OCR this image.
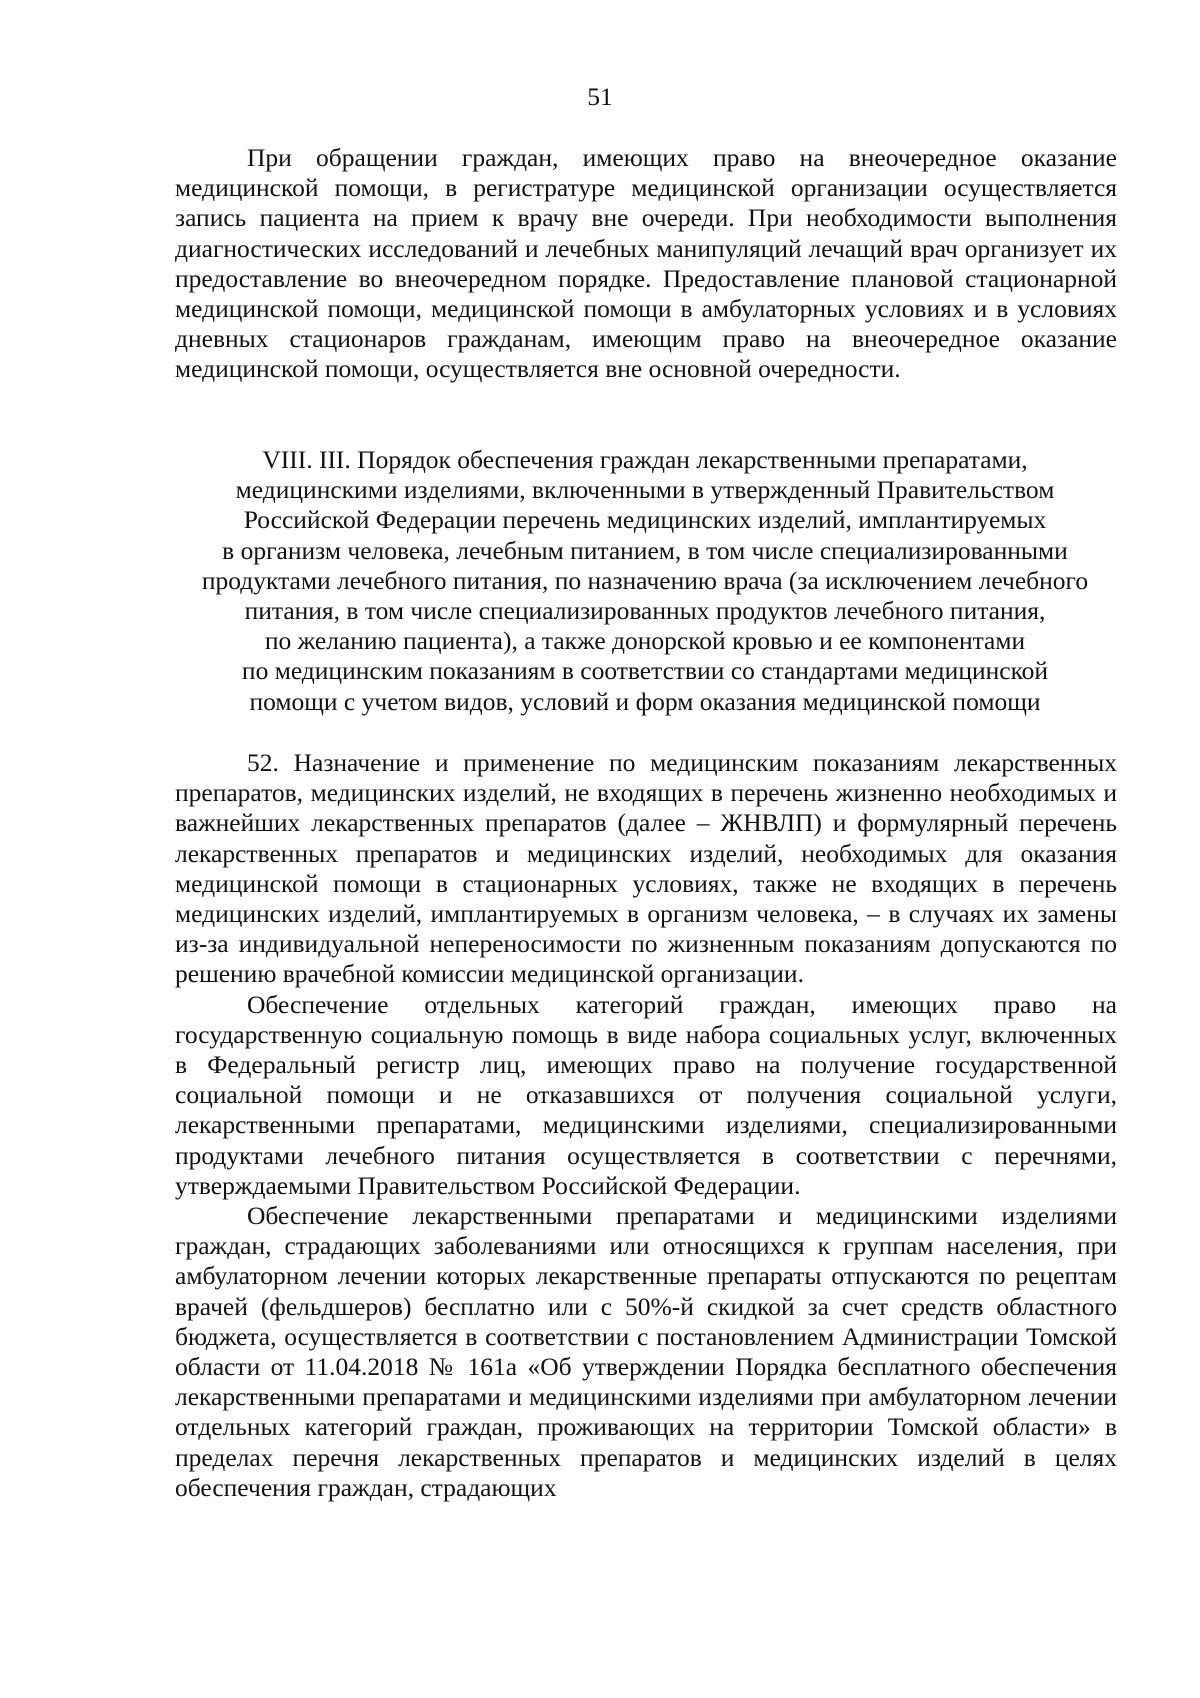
51

При обращении граждан, имеющих право на внеочередное оказание медицинской помощи, в регистратуре медицинской организации осуществляется запись пациента на прием к врачу вне очереди. При необходимости выполнения диагностических исследований и лечебных манипуляций лечащий врач организует их предоставление во внеочередном порядке. Предоставление плановой стационарной медицинской помощи, медицинской помощи в амбулаторных условиях и в условиях дневных стационаров гражданам, имеющим право на внеочередное оказание медицинской помощи, осуществляется вне основной очередности.

VIII. III. Порядок обеспечения граждан лекарственными препаратами,
медицинскими изделиями, включенными в утвержденный Правительством
Российской Федерации перечень медицинских изделий, имплантируемых
в организм человека, лечебным питанием, в том числе специализированными
продуктами лечебного питания, по назначению врача (за исключением лечебного
питания, в том числе специализированных продуктов лечебного питания,
по желанию пациента), а также донорской кровью и ее компонентами
по медицинским показаниям в соответствии со стандартами медицинской
помощи с учетом видов, условий и форм оказания медицинской помощи

52. Назначение и применение по медицинским показаниям лекарственных препаратов, медицинских изделий, не входящих в перечень жизненно необходимых и важнейших лекарственных препаратов (далее – ЖНВЛП) и формулярный перечень лекарственных препаратов и медицинских изделий, необходимых для оказания медицинской помощи в стационарных условиях, также не входящих в перечень медицинских изделий, имплантируемых в организм человека, – в случаях их замены из-за индивидуальной непереносимости по жизненным показаниям допускаются по решению врачебной комиссии медицинской организации.

Обеспечение отдельных категорий граждан, имеющих право на государственную социальную помощь в виде набора социальных услуг, включенных в Федеральный регистр лиц, имеющих право на получение государственной социальной помощи и не отказавшихся от получения социальной услуги, лекарственными препаратами, медицинскими изделиями, специализированными продуктами лечебного питания осуществляется в соответствии с перечнями, утверждаемыми Правительством Российской Федерации.

Обеспечение лекарственными препаратами и медицинскими изделиями граждан, страдающих заболеваниями или относящихся к группам населения, при амбулаторном лечении которых лекарственные препараты отпускаются по рецептам врачей (фельдшеров) бесплатно или с 50%-й скидкой за счет средств областного бюджета, осуществляется в соответствии с постановлением Администрации Томской области от 11.04.2018 № 161а «Об утверждении Порядка бесплатного обеспечения лекарственными препаратами и медицинскими изделиями при амбулаторном лечении отдельных категорий граждан, проживающих на территории Томской области» в пределах перечня лекарственных препаратов и медицинских изделий в целях обеспечения граждан, страдающих
